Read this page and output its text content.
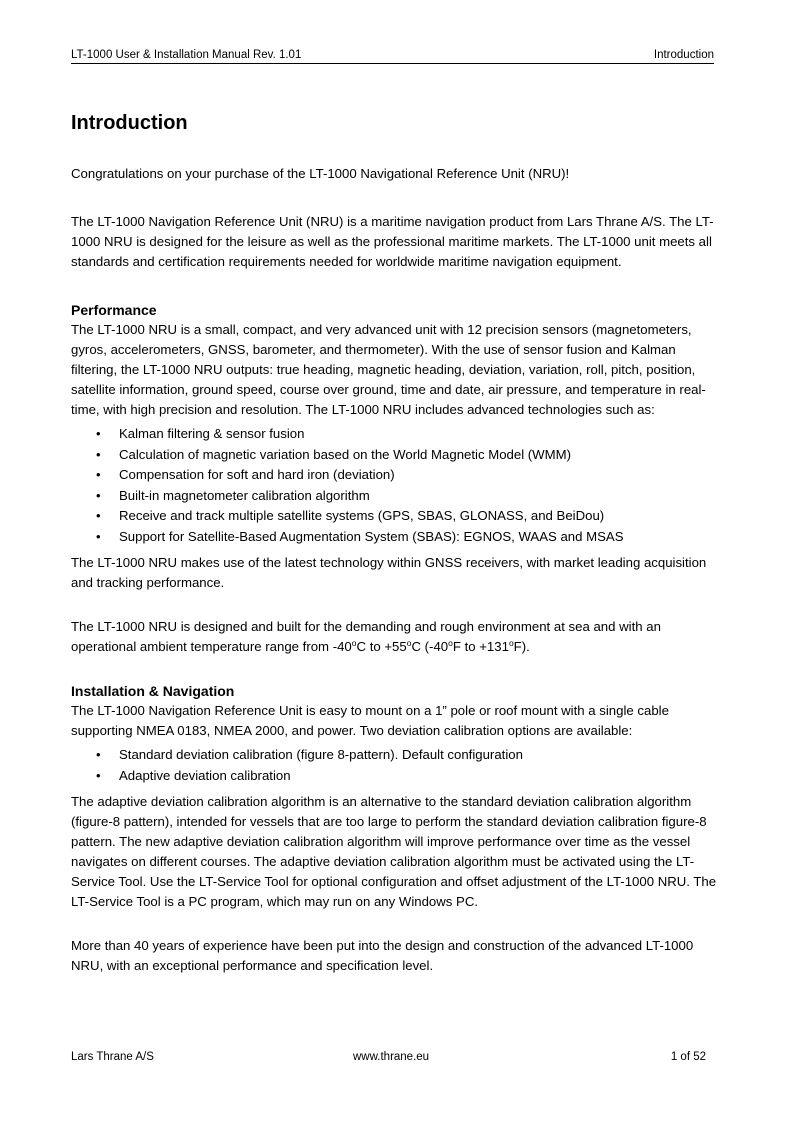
LT-1000 User & Installation Manual Rev. 1.01	Introduction
Introduction

Congratulations on your purchase of the LT-1000 Navigational Reference Unit (NRU)!

The LT-1000 Navigation Reference Unit (NRU) is a maritime navigation product from Lars Thrane A/S. The LT-1000 NRU is designed for the leisure as well as the professional maritime markets. The LT-1000 unit meets all standards and certification requirements needed for worldwide maritime navigation equipment.

Performance

The LT-1000 NRU is a small, compact, and very advanced unit with 12 precision sensors (magnetometers, gyros, accelerometers, GNSS, barometer, and thermometer). With the use of sensor fusion and Kalman filtering, the LT-1000 NRU outputs: true heading, magnetic heading, deviation, variation, roll, pitch, position, satellite information, ground speed, course over ground, time and date, air pressure, and temperature in real-time, with high precision and resolution. The LT-1000 NRU includes advanced technologies such as:

• Kalman filtering & sensor fusion
• Calculation of magnetic variation based on the World Magnetic Model (WMM)
• Compensation for soft and hard iron (deviation)
• Built-in magnetometer calibration algorithm
• Receive and track multiple satellite systems (GPS, SBAS, GLONASS, and BeiDou)
• Support for Satellite-Based Augmentation System (SBAS): EGNOS, WAAS and MSAS

The LT-1000 NRU makes use of the latest technology within GNSS receivers, with market leading acquisition and tracking performance.

The LT-1000 NRU is designed and built for the demanding and rough environment at sea and with an operational ambient temperature range from -40$^o$C to $+55^oC$ (-40$^o$F to $+131^oF$).

Installation & Navigation

The LT-1000 Navigation Reference Unit is easy to mount on a 1” pole or roof mount with a single cable supporting NMEA 0183, NMEA 2000, and power. Two deviation calibration options are available:

• Standard deviation calibration (figure 8-pattern). Default configuration
• Adaptive deviation calibration

The adaptive deviation calibration algorithm is an alternative to the standard deviation calibration algorithm (figure-8 pattern), intended for vessels that are too large to perform the standard deviation calibration figure-8 pattern. The new adaptive deviation calibration algorithm will improve performance over time as the vessel navigates on different courses. The adaptive deviation calibration algorithm must be activated using the LT-Service Tool. Use the LT-Service Tool for optional configuration and offset adjustment of the LT-1000 NRU. The LT-Service Tool is a PC program, which may run on any Windows PC.

More than 40 years of experience have been put into the design and construction of the advanced LT-1000 NRU, with an exceptional performance and specification level.

Lars Thrane A/S	www.thrane.eu	1 of 52
